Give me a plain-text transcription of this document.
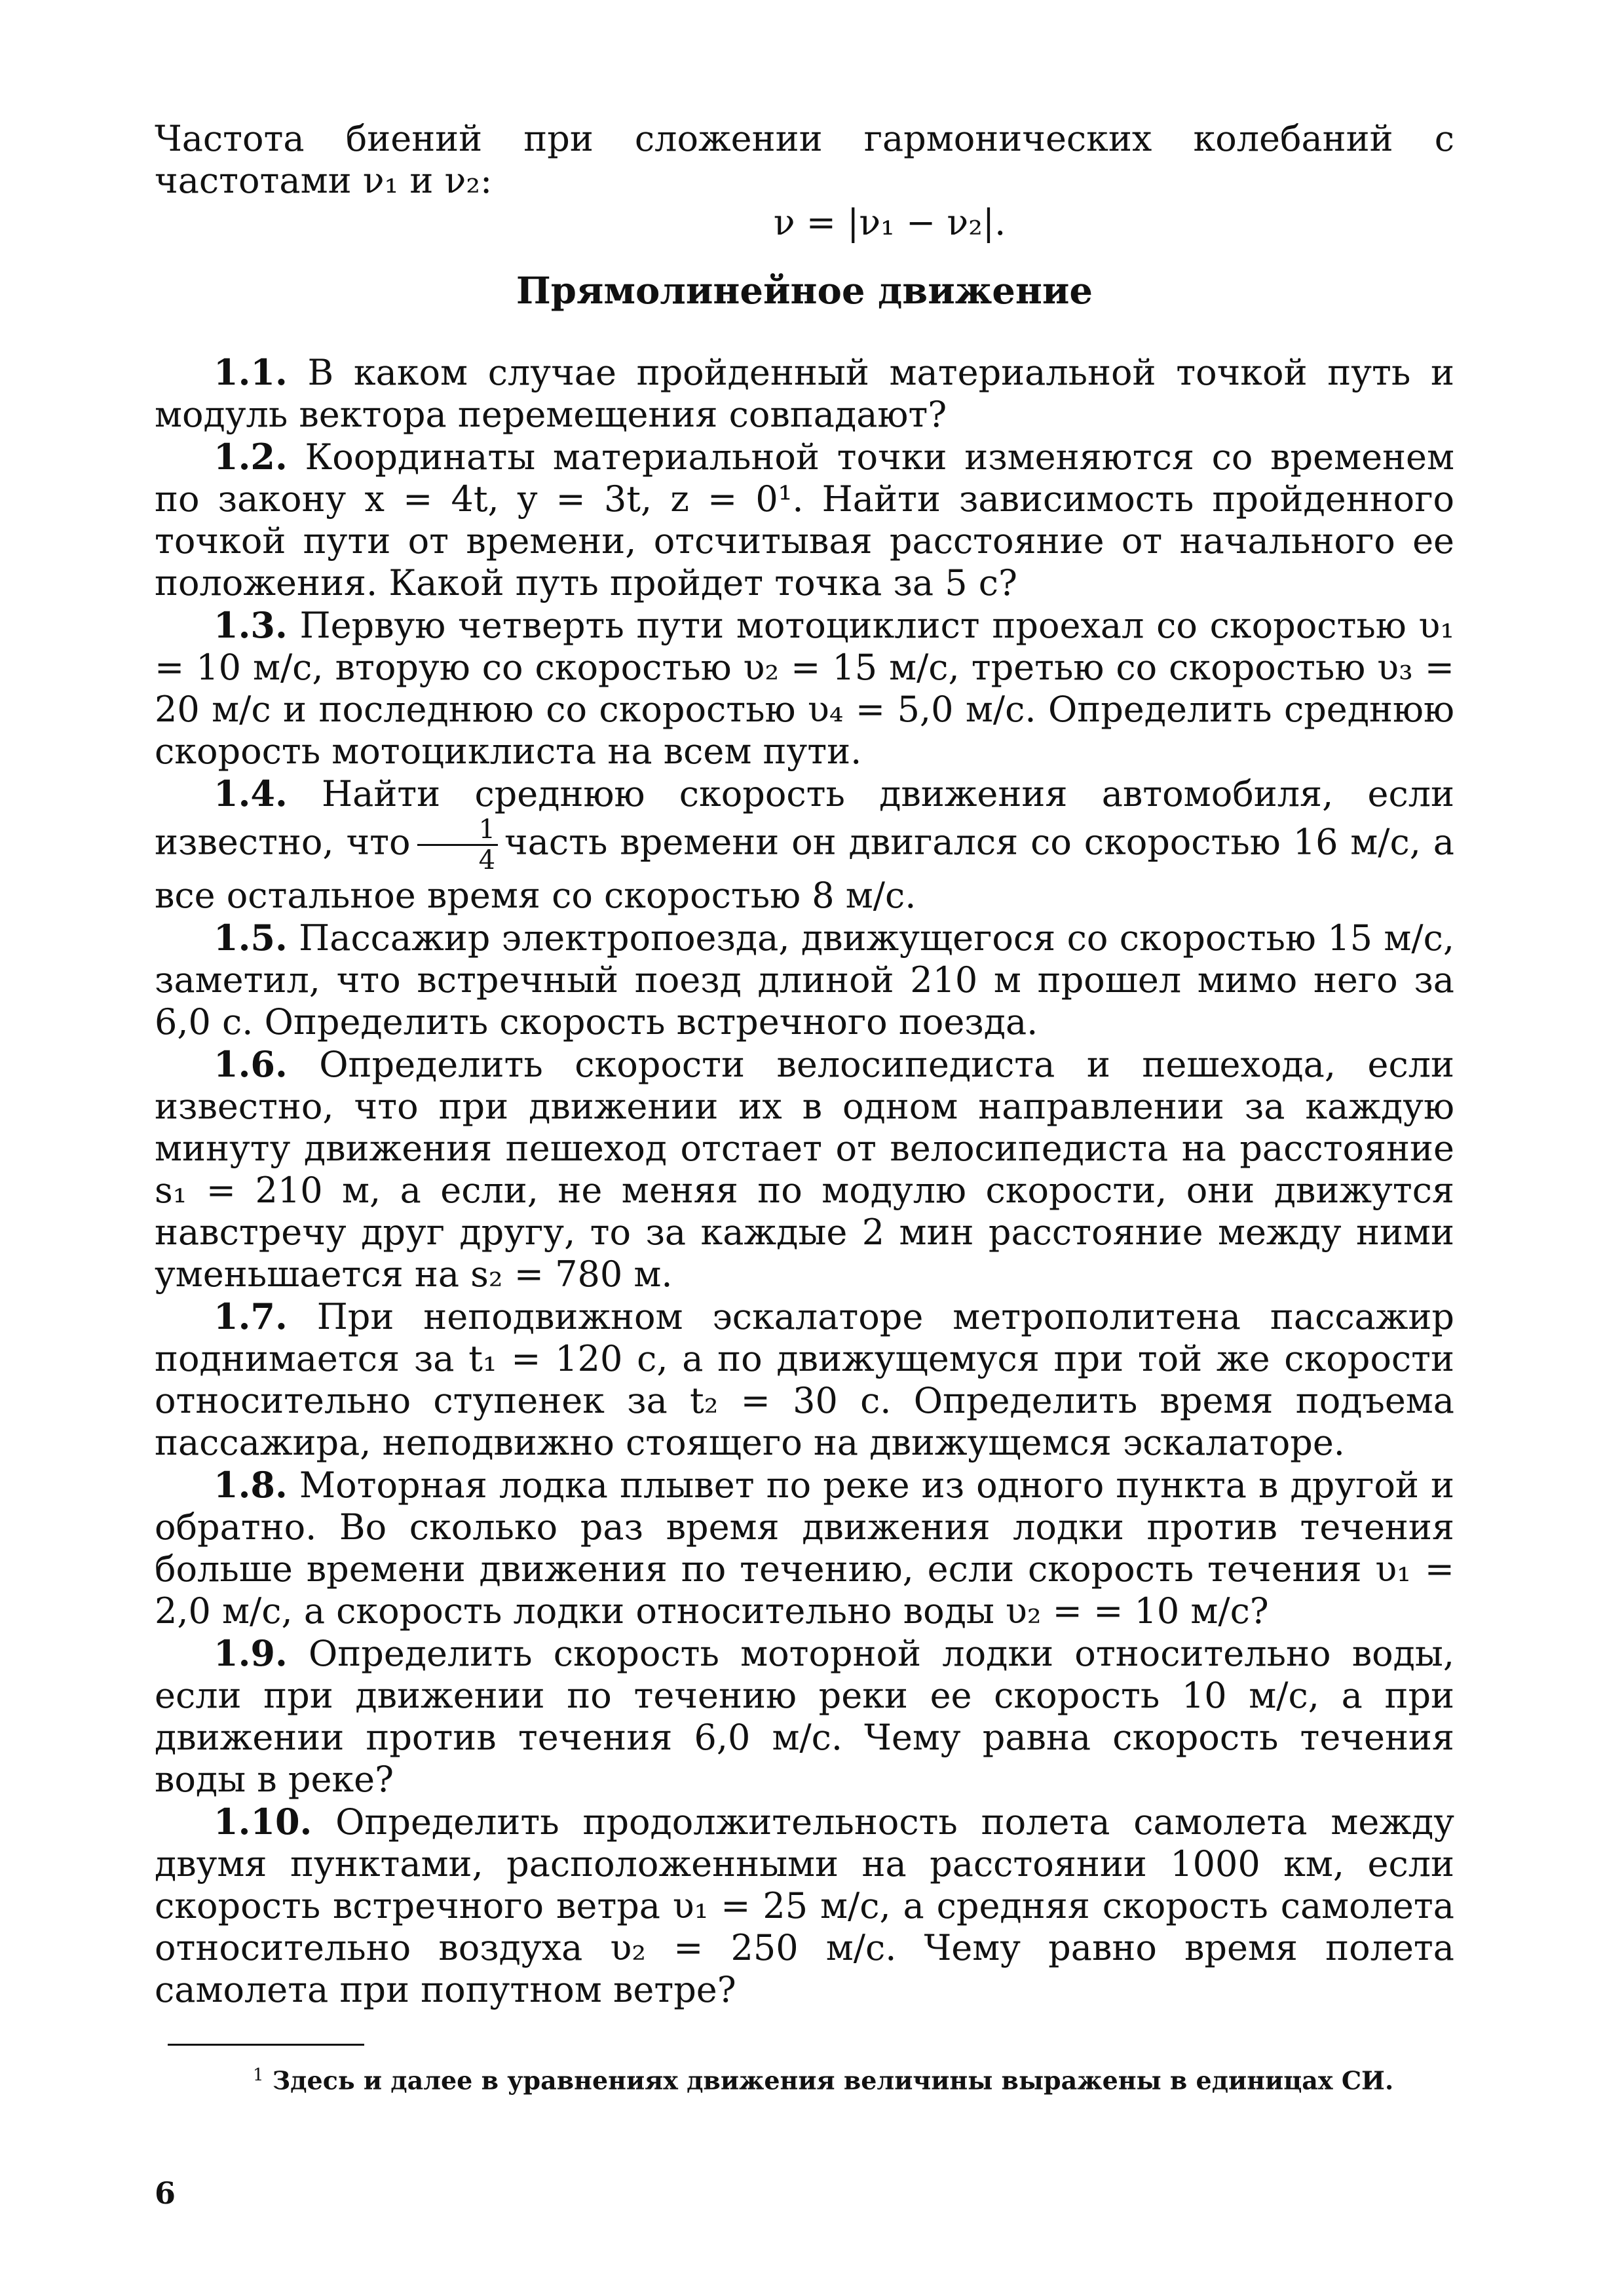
Частота биений при сложении гармонических колебаний с частотами ν₁ и ν₂:

ν = |ν₁ − ν₂|.
Прямолинейное движение

1.1. В каком случае пройденный материальной точкой путь и модуль вектора перемещения совпадают?

1.2. Координаты материальной точки изменяются со временем по закону x = 4t, y = 3t, z = 0¹. Найти зависимость пройденного точкой пути от времени, отсчитывая расстояние от начального ее положения. Какой путь пройдет точка за 5 с?

1.3. Первую четверть пути мотоциклист проехал со скоростью υ₁ = 10 м/с, вторую со скоростью υ₂ = 15 м/с, третью со скоростью υ₃ = 20 м/с и последнюю со скоростью υ₄ = 5,0 м/с. Определить среднюю скорость мотоциклиста на всем пути.

1.4. Найти среднюю скорость движения автомобиля, если известно, что $\frac{1}{4}$ часть времени он двигался со скоростью 16 м/с, а все остальное время со скоростью 8 м/с.

1.5. Пассажир электропоезда, движущегося со скоростью 15 м/с, заметил, что встречный поезд длиной 210 м прошел мимо него за 6,0 с. Определить скорость встречного поезда.

1.6. Определить скорости велосипедиста и пешехода, если известно, что при движении их в одном направлении за каждую минуту движения пешеход отстает от велосипедиста на расстояние s₁ = 210 м, а если, не меняя по модулю скорости, они движутся навстречу друг другу, то за каждые 2 мин расстояние между ними уменьшается на s₂ = 780 м.

1.7. При неподвижном эскалаторе метрополитена пассажир поднимается за t₁ = 120 с, а по движущемуся при той же скорости относительно ступенек за t₂ = 30 с. Определить время подъема пассажира, неподвижно стоящего на движущемся эскалаторе.

1.8. Моторная лодка плывет по реке из одного пункта в другой и обратно. Во сколько раз время движения лодки против течения больше времени движения по течению, если скорость течения υ₁ = 2,0 м/с, а скорость лодки относительно воды υ₂ = = 10 м/с?

1.9. Определить скорость моторной лодки относительно воды, если при движении по течению реки ее скорость 10 м/с, а при движении против течения 6,0 м/с. Чему равна скорость течения воды в реке?

1.10. Определить продолжительность полета самолета между двумя пунктами, расположенными на расстоянии 1000 км, если скорость встречного ветра υ₁ = 25 м/с, а средняя скорость самолета относительно воздуха υ₂ = 250 м/с. Чему равно время полета самолета при попутном ветре?

$^1$ Здесь и далее в уравнениях движения величины выражены в единицах СИ.
6
